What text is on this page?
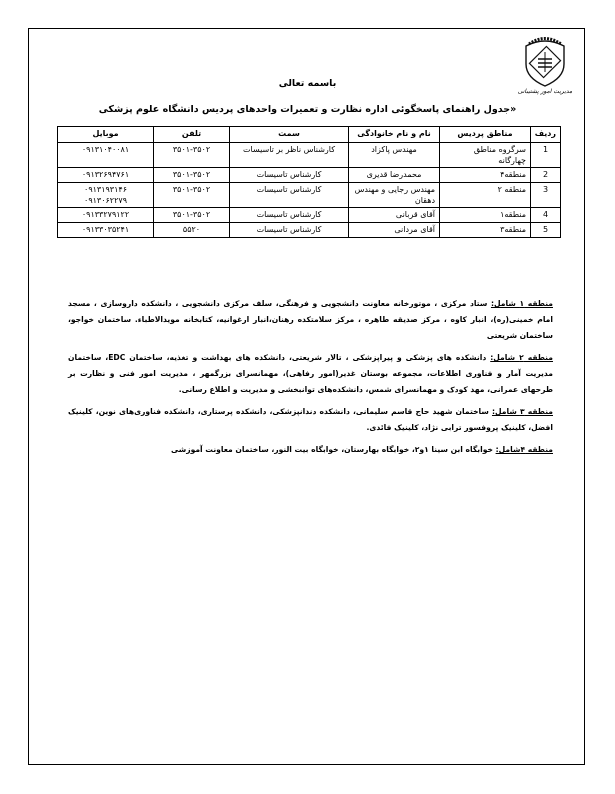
مدیریت امور پشتیبانی
باسمه تعالی
«جدول راهنمای پاسخگوئی اداره نظارت و تعمیرات واحدهای پردیس دانشگاه علوم پزشکی
ردیف	مناطق پردیس	نام و نام خانوادگی	سمت	تلفن	موبایل
1	سرگروه مناطق چهارگانه	مهندس پاکزاد	کارشناس ناظر بر تاسیسات	۳۵۰۱-۳۵۰۲	۰۹۱۳۱۰۴۰۰۸۱
2	منطقه۴	محمدرضا قدیری	کارشناس تاسیسات	۳۵۰۱-۳۵۰۲	۰۹۱۳۲۶۹۴۷۶۱
3	منطقه ۲	مهندس رجایی و مهندس دهقان	کارشناس تاسیسات	۳۵۰۱-۳۵۰۲	۰۹۱۳۱۹۳۱۴۶
۰۹۱۳۰۶۲۲۷۹
4	منطقه۱	آقای قربانی	کارشناس تاسیسات	۳۵۰۱-۳۵۰۲	۰۹۱۳۳۲۷۹۱۲۲
5	منطقه۳	آقای مردانی	کارشناس تاسیسات	۵۵۲۰	۰۹۱۳۳۰۳۵۲۴۱

منطقه ۱ شامل: ستاد مرکزی ، موتورخانه معاونت دانشجویی و فرهنگی، سلف مرکزی دانشجویی ، دانشکده داروسازی ، مسجد امام خمینی(ره)، انبار کاوه ، مرکز صدیقه طاهره ، مرکز سلامتکده رهنان،انبار ارغوانیه، کتابخانه مویدالاطباء. ساختمان خواجو، ساختمان شریعتی

منطقه ۲ شامل: دانشکده های پزشکی و پیراپزشکی ، تالار شریعتی، دانشکده های بهداشت و تغذیه، ساختمان EDC، ساختمان مدیریت آمار و فناوری اطلاعات، مجموعه بوستان غدیر(امور رفاهی)، مهمانسرای بزرگمهر ، مدیریت امور فنی و نظارت بر طرحهای عمرانی، مهد کودک و مهمانسرای شمس، دانشکده‌های توانبخشی و مدیریت و اطلاع رسانی.

منطقه ۳ شامل: ساختمان شهید حاج قاسم سلیمانی، دانشکده دندانپزشکی، دانشکده پرستاری، دانشکده فناوری‌های نوین، کلینیک افضل، کلینیک پروفسور ترابی نژاد، کلینیک فائدی.

منطقه ۴شامل: خوابگاه ابن سینا ۱و۲، خوابگاه بهارستان، خوابگاه بیت النور، ساختمان معاونت آموزشی
